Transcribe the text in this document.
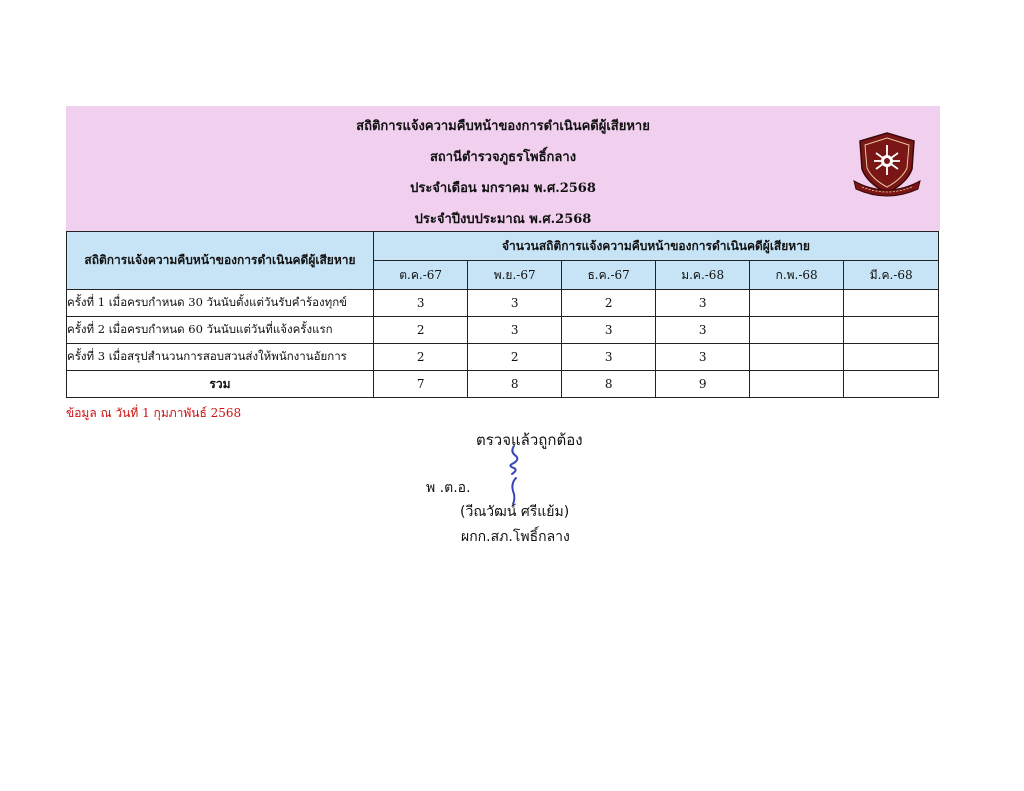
สถิติการแจ้งความคืบหน้าของการดำเนินคดีผู้เสียหาย
สถานีตำรวจภูธรโพธิ์กลาง
ประจำเดือน มกราคม พ.ศ.2568
ประจำปีงบประมาณ พ.ศ.2568
สถิติการแจ้งความคืบหน้าของการดำเนินคดีผู้เสียหาย	จำนวนสถิติการแจ้งความคืบหน้าของการดำเนินคดีผู้เสียหาย					
	ต.ค.-67	พ.ย.-67	ธ.ค.-67	ม.ค.-68	ก.พ.-68	มี.ค.-68
ครั้งที่ 1 เมื่อครบกำหนด 30 วันนับตั้งแต่วันรับคำร้องทุกข์	3	3	2	3		
ครั้งที่ 2 เมื่อครบกำหนด 60 วันนับแต่วันที่แจ้งครั้งแรก	2	3	3	3		
ครั้งที่ 3 เมื่อสรุปสำนวนการสอบสวนส่งให้พนักงานอัยการ	2	2	3	3		
รวม	7	8	8	9		
ข้อมูล ณ วันที่ 1 กุมภาพันธ์ 2568
ตรวจแล้วถูกต้อง
พ .ต.อ.
(วีณวัฒน์ ศรีแย้ม)
ผกก.สภ.โพธิ์กลาง
